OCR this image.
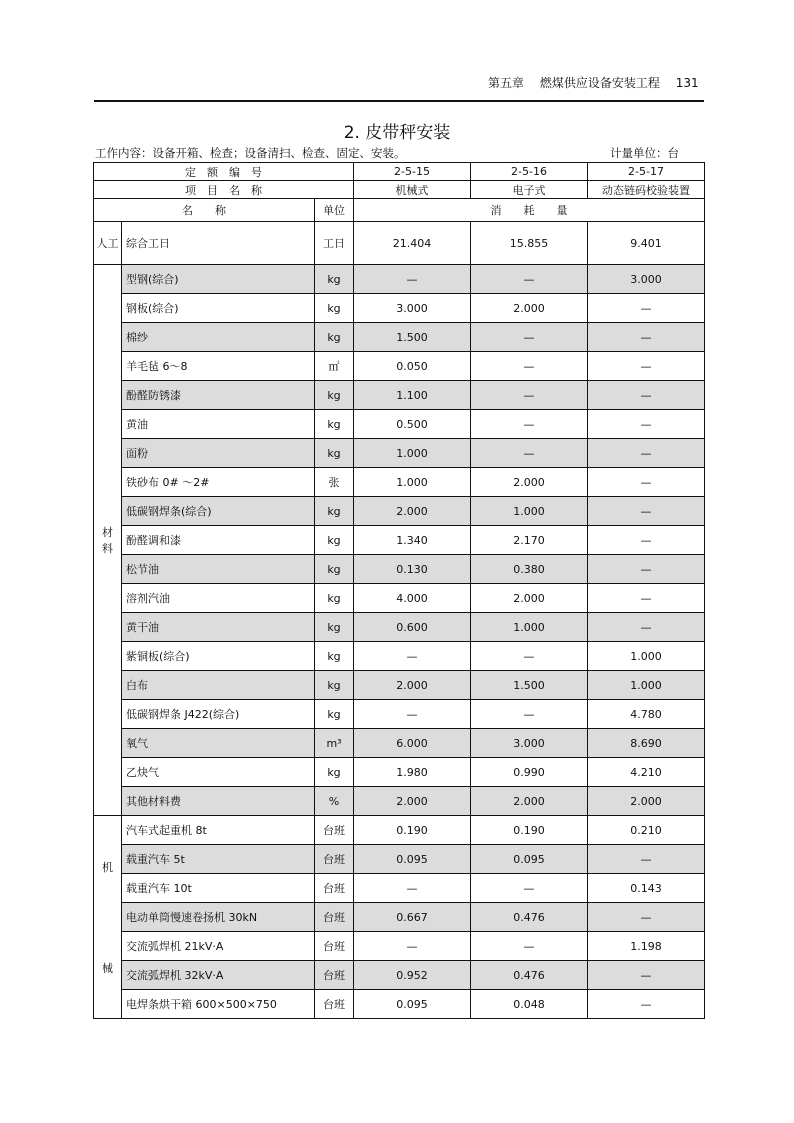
第五章 燃煤供应设备安装工程 131
2. 皮带秤安装
工作内容：设备开箱、检查；设备清扫、检查、固定、安装。	计量单位：台
定　额　编　号			2-5-15	2-5-16	2-5-17
项　目　名　称			机械式	电子式	动态链码校验装置
名　　称		单位	消　　耗　　量		
人工	综合工日	工日	21.404	15.855	9.401

材
料	型钢(综合)	kg	—	—	3.000
	钢板(综合)	kg	3.000	2.000	—
	棉纱	kg	1.500	—	—
	羊毛毡 6～8	㎡	0.050	—	—
	酚醛防锈漆	kg	1.100	—	—
	黄油	kg	0.500	—	—
	面粉	kg	1.000	—	—
	铁砂布 0# ～2#	张	1.000	2.000	—
	低碳钢焊条(综合)	kg	2.000	1.000	—
	酚醛调和漆	kg	1.340	2.170	—
	松节油	kg	0.130	0.380	—
	溶剂汽油	kg	4.000	2.000	—
	黄干油	kg	0.600	1.000	—
	紫铜板(综合)	kg	—	—	1.000
	白布	kg	2.000	1.500	1.000
	低碳钢焊条 J422(综合)	kg	—	—	4.780
	氧气	m³	6.000	3.000	8.690
	乙炔气	kg	1.980	0.990	4.210
	其他材料费	%	2.000	2.000	2.000

机
械	汽车式起重机 8t	台班	0.190	0.190	0.210
	载重汽车 5t	台班	0.095	0.095	—
	载重汽车 10t	台班	—	—	0.143
	电动单筒慢速卷扬机 30kN	台班	0.667	0.476	—
	交流弧焊机 21kV·A	台班	—	—	1.198
	交流弧焊机 32kV·A	台班	0.952	0.476	—
	电焊条烘干箱 600×500×750	台班	0.095	0.048	—
